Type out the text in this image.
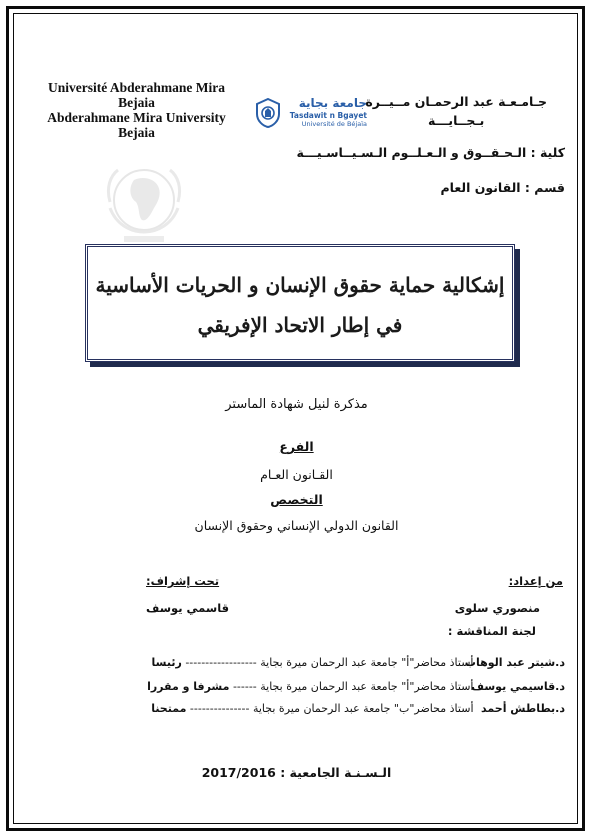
Université Abderahmane Mira
Bejaia
Abderahmane Mira University
Bejaia
جامعة بجاية
Tasdawit n Bgayet
Université de Béjaïa
جـامـعـة عبد الرحمـان مــيــرة
بـجــايـــة
كلية : الـحـقــوق و الـعـلــوم الـسـيــاسـيـــة
قسم : القانون العام
إشكالية حماية حقوق الإنسان و الحريات الأساسية
في إطار الاتحاد الإفريقي
مذكرة لنيل شهادة الماستر
الفرع
القـانون العـام
التخصص
القانون الدولي الإنساني وحقوق الإنسان
من إعداد:
تحت إشراف:
منصوري سلوى
قاسمي يوسف
لجنة المناقشة :
د.شيتر عبد الوهاب أستاذ محاضر"أ" جامعة عبد الرحمان ميرة بجاية ------------------ رئيسا
د.قاسيمي يوسف أستاذ محاضر"أ" جامعة عبد الرحمان ميرة بجاية ------ مشرفا و مقررا
د.بطاطش أحمد أستاذ محاضر"ب" جامعة عبد الرحمان ميرة بجاية --------------- ممتحنا
الـسـنـة الجامعية : 2017/2016
